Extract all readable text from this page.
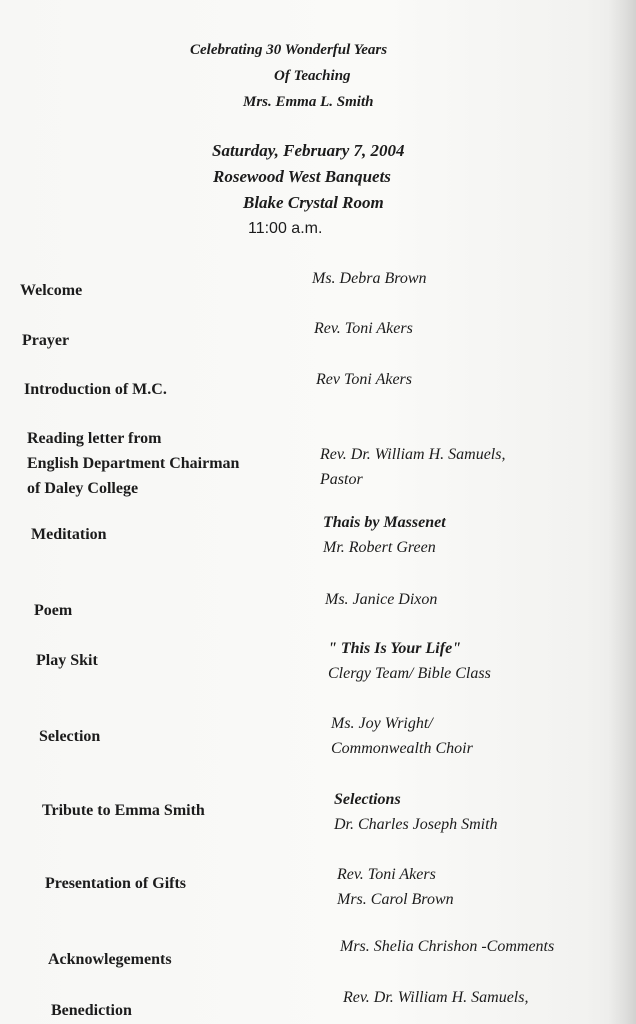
Celebrating 30 Wonderful Years
Of Teaching
Mrs. Emma L. Smith
Saturday, February 7, 2004
Rosewood West Banquets
Blake Crystal Room
11:00 a.m.
Welcome
Ms. Debra Brown
Prayer
Rev. Toni Akers
Introduction of M.C.
Rev Toni Akers
Reading letter from
English Department Chairman
of Daley College
Rev. Dr. William H. Samuels,
Pastor
Meditation
Thais by Massenet
Mr. Robert Green
Poem
Ms. Janice Dixon
Play Skit
" This Is Your Life"
Clergy Team/ Bible Class
Selection
Ms. Joy Wright/
Commonwealth Choir
Tribute to Emma Smith
Selections
Dr. Charles Joseph Smith
Presentation of Gifts
Rev. Toni Akers
Mrs. Carol Brown
Acknowlegements
Mrs. Shelia Chrishon -Comments
Benediction
Rev. Dr. William H. Samuels,
